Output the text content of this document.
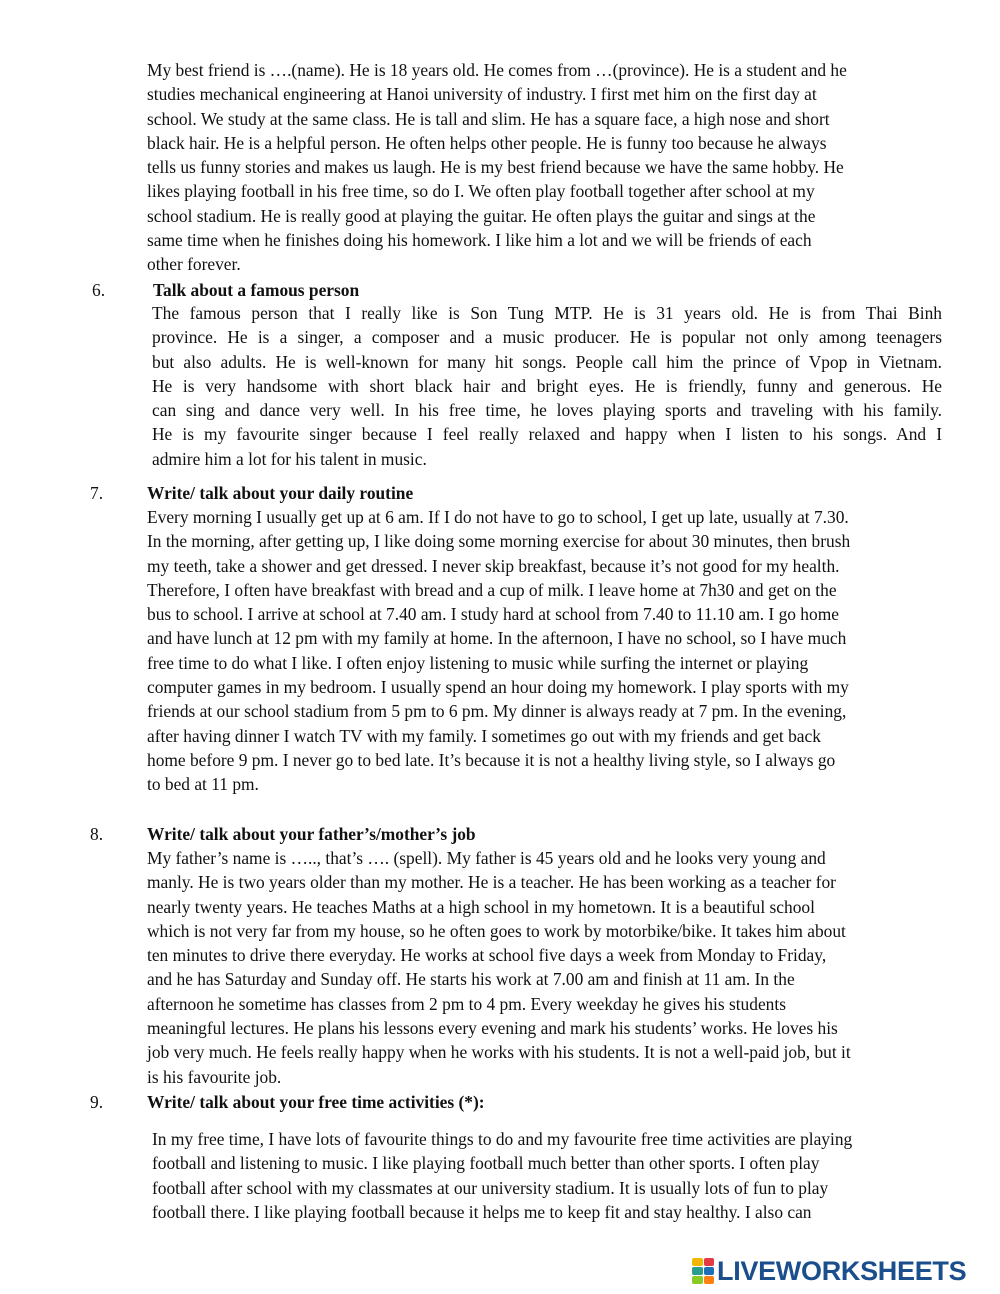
My best friend is ….(name). He is 18 years old. He comes from …(province). He is a student and he
studies mechanical engineering at Hanoi university of industry. I first met him on the first day at
school. We study at the same class. He is tall and slim. He has a square face, a high nose and short
black hair. He is a helpful person. He often helps other people. He is funny too because he always
tells us funny stories and makes us laugh. He is my best friend because we have the same hobby. He
likes playing football in his free time, so do I. We often play football together after school at my
school stadium. He is really good at playing the guitar. He often plays the guitar and sings at the
same time when he finishes doing his homework. I like him a lot and we will be friends of each
other forever.
6.	Talk about a famous person
The famous person that I really like is Son Tung MTP. He is 31 years old. He is from Thai Binh
province. He is a singer, a composer and a music producer. He is popular not only among teenagers
but also adults. He is well-known for many hit songs. People call him the prince of Vpop in Vietnam.
He is very handsome with short black hair and bright eyes. He is friendly, funny and generous. He
can sing and dance very well. In his free time, he loves playing sports and traveling with his family.
He is my favourite singer because I feel really relaxed and happy when I listen to his songs. And I
admire him a lot for his talent in music.
7.	Write/ talk about your daily routine
Every morning I usually get up at 6 am. If I do not have to go to school, I get up late, usually at 7.30.
In the morning, after getting up, I like doing some morning exercise for about 30 minutes, then brush
my teeth, take a shower and get dressed. I never skip breakfast, because it’s not good for my health.
Therefore, I often have breakfast with bread and a cup of milk. I leave home at 7h30 and get on the
bus to school. I arrive at school at 7.40 am. I study hard at school from 7.40 to 11.10 am. I go home
and have lunch at 12 pm with my family at home. In the afternoon, I have no school, so I have much
free time to do what I like. I often enjoy listening to music while surfing the internet or playing
computer games in my bedroom. I usually spend an hour doing my homework. I play sports with my
friends at our school stadium from 5 pm to 6 pm. My dinner is always ready at 7 pm. In the evening,
after having dinner I watch TV with my family. I sometimes go out with my friends and get back
home before 9 pm. I never go to bed late. It’s because it is not a healthy living style, so I always go
to bed at 11 pm.
8.	Write/ talk about your father’s/mother’s job
My father’s name is ….., that’s …. (spell). My father is 45 years old and he looks very young and
manly. He is two years older than my mother. He is a teacher. He has been working as a teacher for
nearly twenty years. He teaches Maths at a high school in my hometown. It is a beautiful school
which is not very far from my house, so he often goes to work by motorbike/bike. It takes him about
ten minutes to drive there everyday. He works at school five days a week from Monday to Friday,
and he has Saturday and Sunday off. He starts his work at 7.00 am and finish at 11 am. In the
afternoon he sometime has classes from 2 pm to 4 pm. Every weekday he gives his students
meaningful lectures. He plans his lessons every evening and mark his students’ works. He loves his
job very much. He feels really happy when he works with his students. It is not a well-paid job, but it
is his favourite job.
9.	Write/ talk about your free time activities (*):
In my free time, I have lots of favourite things to do and my favourite free time activities are playing
football and listening to music. I like playing football much better than other sports. I often play
football after school with my classmates at our university stadium. It is usually lots of fun to play
football there. I like playing football because it helps me to keep fit and stay healthy. I also can
LIVEWORKSHEETS
